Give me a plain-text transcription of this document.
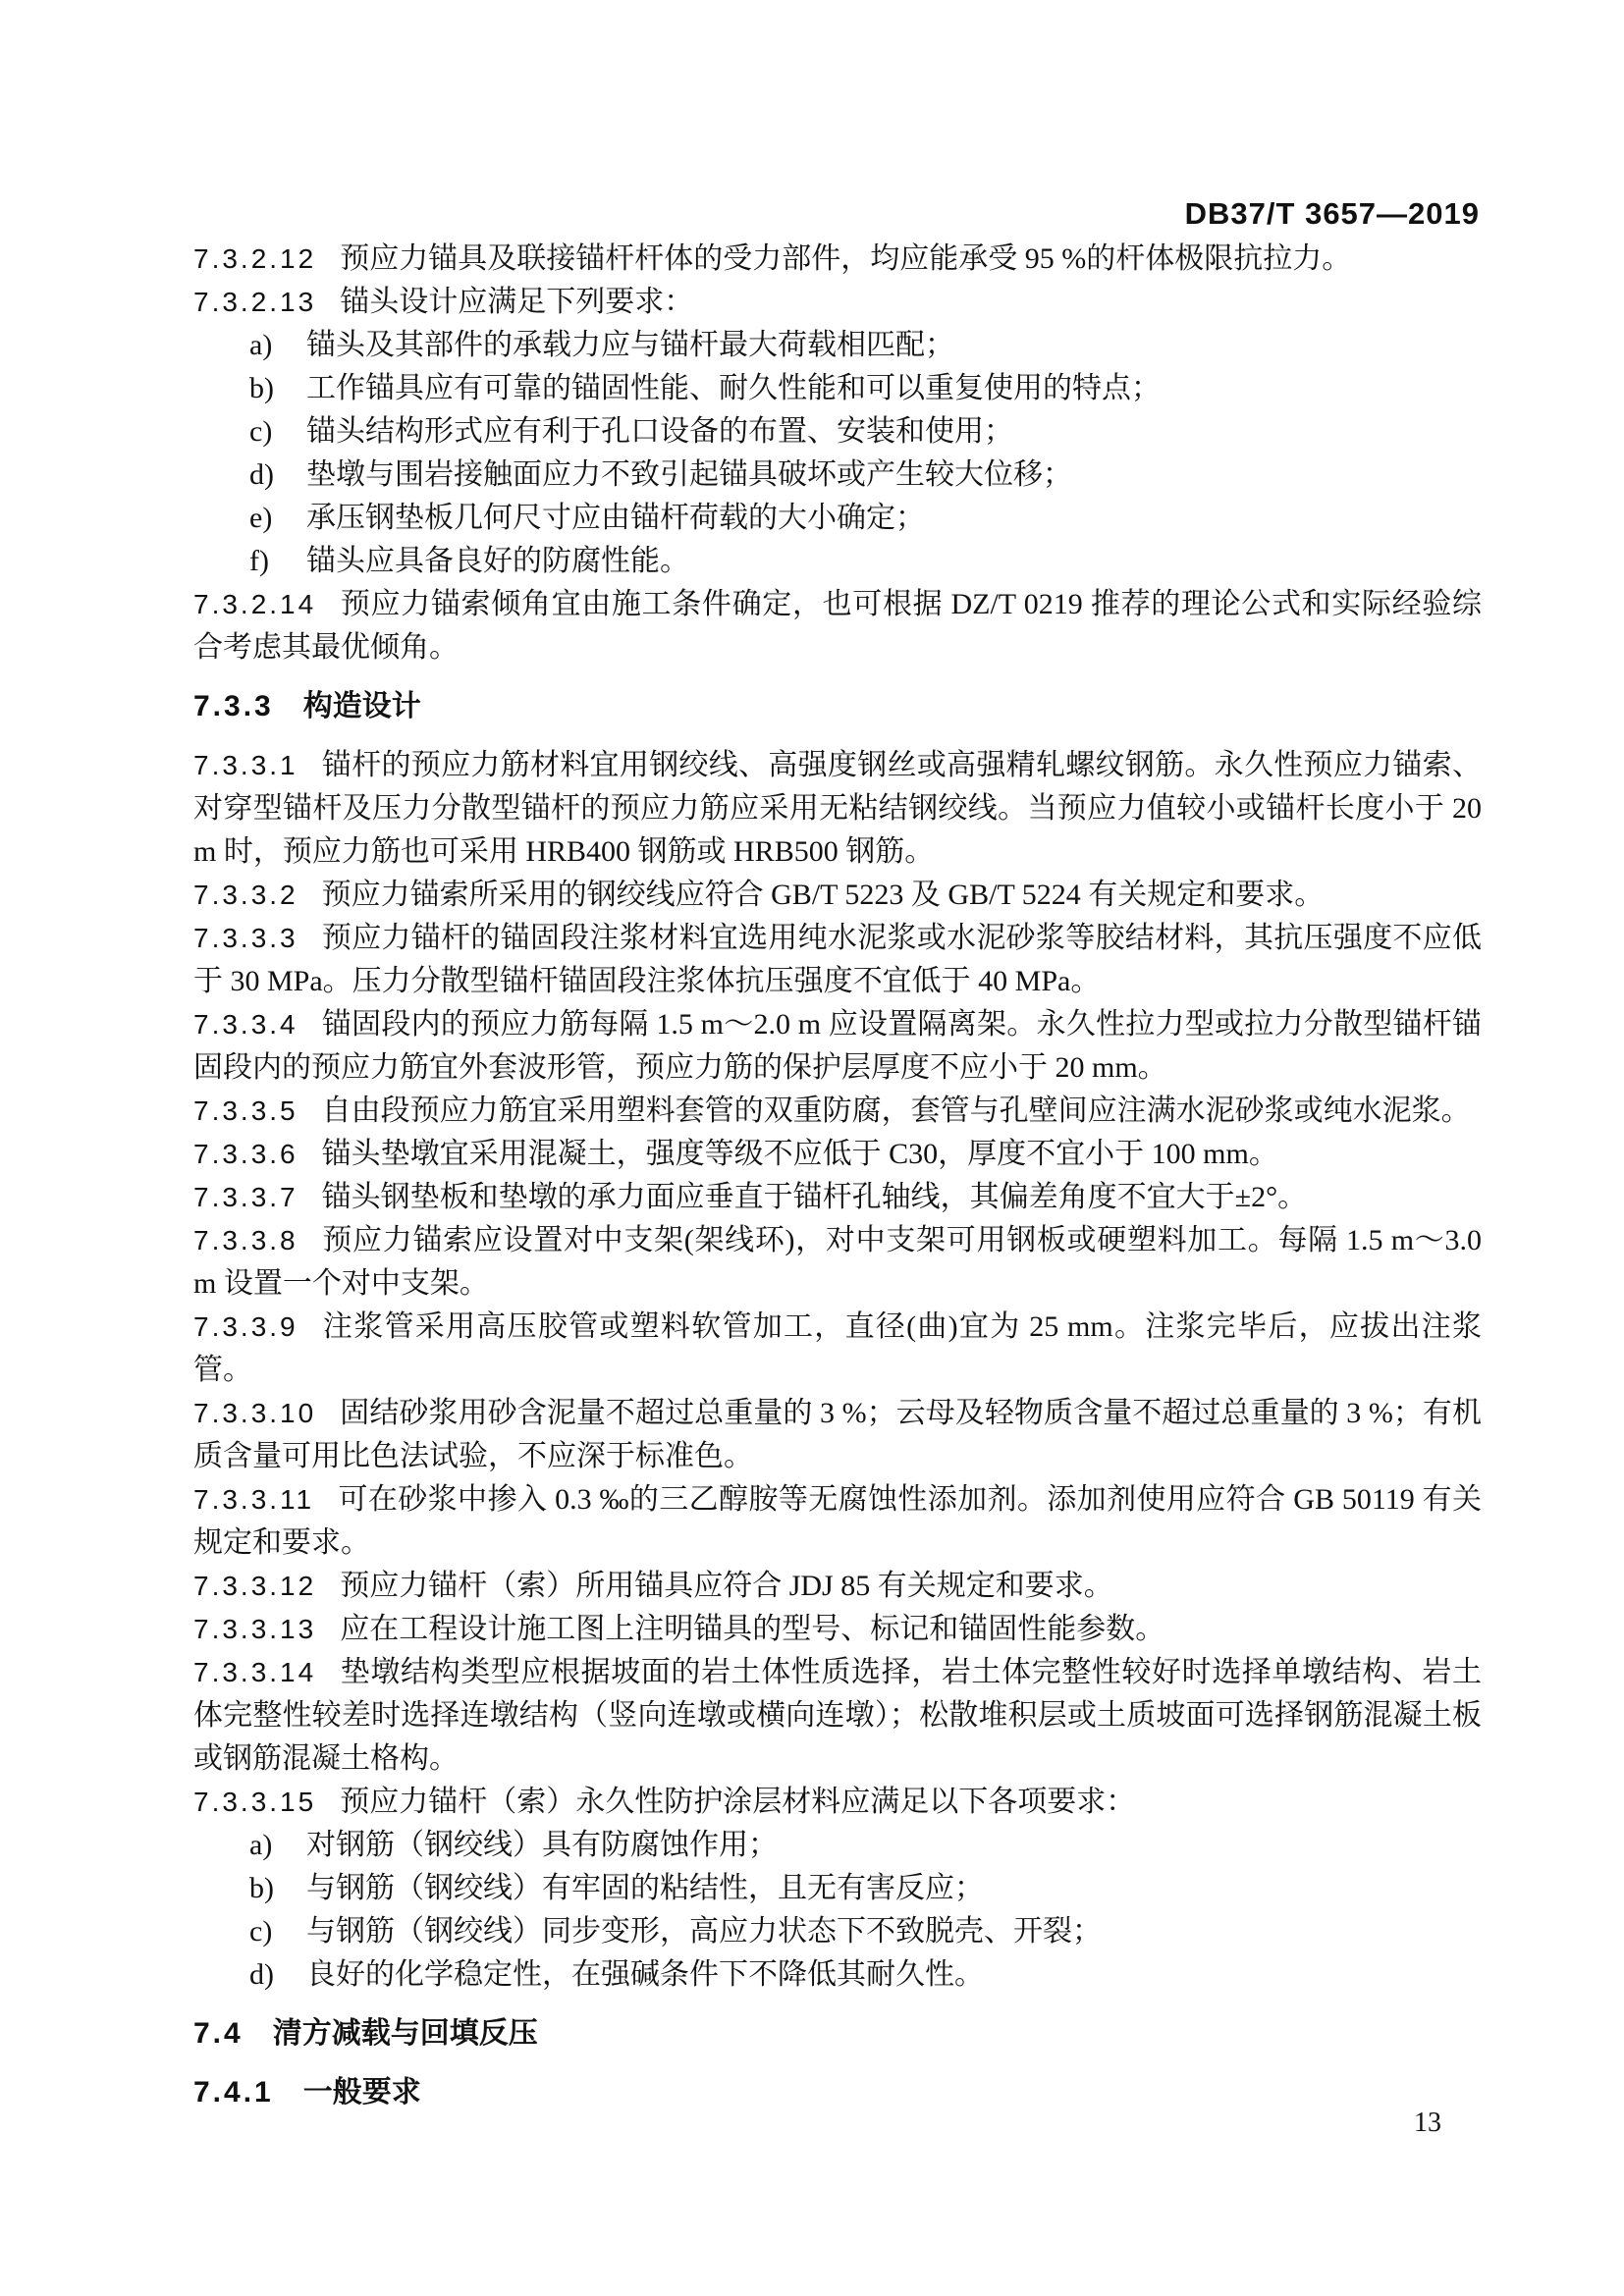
DB37/T 3657—2019
7.3.2.12 预应力锚具及联接锚杆杆体的受力部件，均应能承受 95 %的杆体极限抗拉力。
7.3.2.13 锚头设计应满足下列要求：
a) 锚头及其部件的承载力应与锚杆最大荷载相匹配；
b) 工作锚具应有可靠的锚固性能、耐久性能和可以重复使用的特点；
c) 锚头结构形式应有利于孔口设备的布置、安装和使用；
d) 垫墩与围岩接触面应力不致引起锚具破坏或产生较大位移；
e) 承压钢垫板几何尺寸应由锚杆荷载的大小确定；
f) 锚头应具备良好的防腐性能。
7.3.2.14 预应力锚索倾角宜由施工条件确定，也可根据 DZ/T 0219 推荐的理论公式和实际经验综合考虑其最优倾角。
7.3.3 构造设计
7.3.3.1 锚杆的预应力筋材料宜用钢绞线、高强度钢丝或高强精轧螺纹钢筋。永久性预应力锚索、对穿型锚杆及压力分散型锚杆的预应力筋应采用无粘结钢绞线。当预应力值较小或锚杆长度小于 20 m 时，预应力筋也可采用 HRB400 钢筋或 HRB500 钢筋。
7.3.3.2 预应力锚索所采用的钢绞线应符合 GB/T 5223 及 GB/T 5224 有关规定和要求。
7.3.3.3 预应力锚杆的锚固段注浆材料宜选用纯水泥浆或水泥砂浆等胶结材料，其抗压强度不应低于 30 MPa。压力分散型锚杆锚固段注浆体抗压强度不宜低于 40 MPa。
7.3.3.4 锚固段内的预应力筋每隔 1.5 m～2.0 m 应设置隔离架。永久性拉力型或拉力分散型锚杆锚固段内的预应力筋宜外套波形管，预应力筋的保护层厚度不应小于 20 mm。
7.3.3.5 自由段预应力筋宜采用塑料套管的双重防腐，套管与孔壁间应注满水泥砂浆或纯水泥浆。
7.3.3.6 锚头垫墩宜采用混凝土，强度等级不应低于 C30，厚度不宜小于 100 mm。
7.3.3.7 锚头钢垫板和垫墩的承力面应垂直于锚杆孔轴线，其偏差角度不宜大于±2°。
7.3.3.8 预应力锚索应设置对中支架(架线环)，对中支架可用钢板或硬塑料加工。每隔 1.5 m～3.0 m 设置一个对中支架。
7.3.3.9 注浆管采用高压胶管或塑料软管加工，直径(曲)宜为 25 mm。注浆完毕后，应拔出注浆管。
7.3.3.10 固结砂浆用砂含泥量不超过总重量的 3 %；云母及轻物质含量不超过总重量的 3 %；有机质含量可用比色法试验，不应深于标准色。
7.3.3.11 可在砂浆中掺入 0.3 ‰的三乙醇胺等无腐蚀性添加剂。添加剂使用应符合 GB 50119 有关规定和要求。
7.3.3.12 预应力锚杆（索）所用锚具应符合 JDJ 85 有关规定和要求。
7.3.3.13 应在工程设计施工图上注明锚具的型号、标记和锚固性能参数。
7.3.3.14 垫墩结构类型应根据坡面的岩土体性质选择，岩土体完整性较好时选择单墩结构、岩土体完整性较差时选择连墩结构（竖向连墩或横向连墩）；松散堆积层或土质坡面可选择钢筋混凝土板或钢筋混凝土格构。
7.3.3.15 预应力锚杆（索）永久性防护涂层材料应满足以下各项要求：
a) 对钢筋（钢绞线）具有防腐蚀作用；
b) 与钢筋（钢绞线）有牢固的粘结性，且无有害反应；
c) 与钢筋（钢绞线）同步变形，高应力状态下不致脱壳、开裂；
d) 良好的化学稳定性，在强碱条件下不降低其耐久性。
7.4 清方减载与回填反压
7.4.1 一般要求
13
